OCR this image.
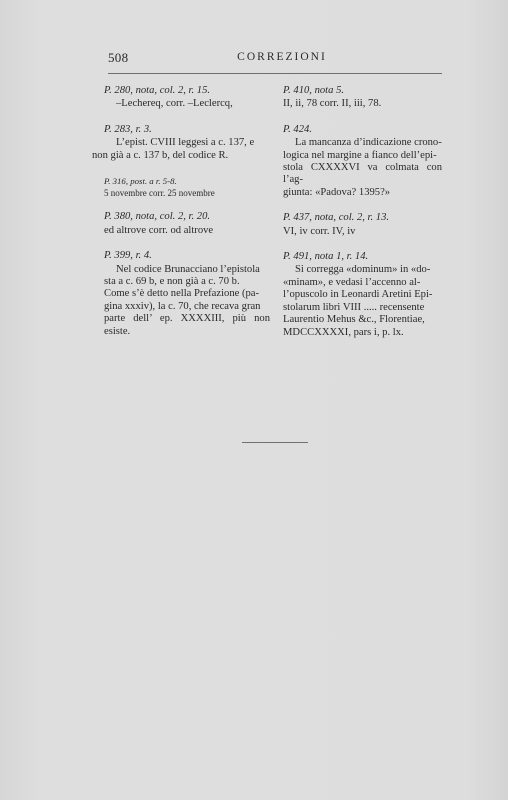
508	CORREZIONI
P. 280, nota, col. 2, r. 15.

–Lechereq, corr. –Leclercq,

P. 283, r. 3.

L’epist. CVIII leggesi a c. 137, e
non già a c. 137 b, del codice R.

P. 316, post. a r. 5-8.

5 novembre corr. 25 novembre

P. 380, nota, col. 2, r. 20.

ed altrove corr. od altrove

P. 399, r. 4.
Nel codice Brunacciano l’epistola
sta a c. 69 b, e non già a c. 70 b.
Come s’è detto nella Prefazione (pa-
gina xxxiv), la c. 70, che recava gran
parte dell’ ep. XXXXIII, più non esiste.
P. 410, nota 5.

II, ii, 78 corr. II, iii, 78.

P. 424.
La mancanza d’indicazione crono-
logica nel margine a fianco dell’epi-
stola CXXXXVI va colmata con l’ag-
giunta: «Padova? 1395?»
P. 437, nota, col. 2, r. 13.

VI, iv corr. IV, iv

P. 491, nota 1, r. 14.
Si corregga «dominum» in «do-
«minam», e vedasi l’accenno al-
l’opuscolo in Leonardi Aretini Epi-
stolarum libri VIII ..... recensente
Laurentio Mehus &c., Florentiae,
MDCCXXXXI, pars i, p. lx.
